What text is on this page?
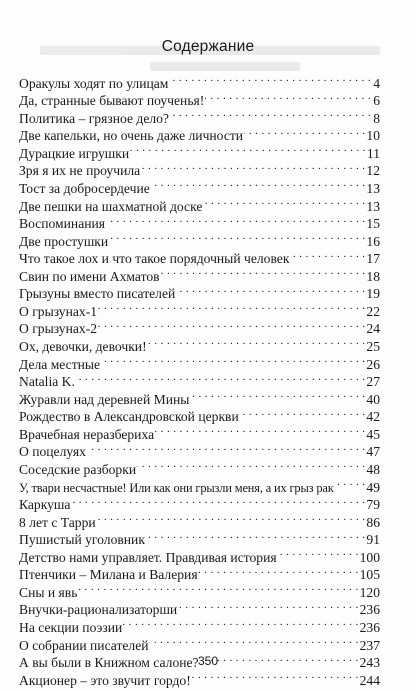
Содержание
Оракулы ходят по улицам . . .	4
Да, странные бывают поученья! . . .	6
Политика – грязное дело? . . .	8
Две капельки, но очень даже личности . . .	10
Дурацкие игрушки . . .	11
Зря я их не проучила . . .	12
Тост за добросердечие . . .	13
Две пешки на шахматной доске . . .	13
Воспоминания . . .	15
Две простушки . . .	16
Что такое лох и что такое порядочный человек . . .	17
Свин по имени Ахматов . . .	18
Грызуны вместо писателей . . .	19
О грызунах-1 . . .	22
О грызунах-2 . . .	24
Ох, девочки, девочки! . . .	25
Дела местные . . .	26
Natalia K. . . .	27
Журавли над деревней Мины . . .	40
Рождество в Александровской церкви . . .	42
Врачебная неразбериха . . .	45
О поцелуях . . .	47
Соседские разборки . . .	48
У, твари несчастные! Или как они грызли меня, а их грыз рак . . . 49
Каркуша . . .	79
8 лет с Тарри . . .	86
Пушистый уголовник . . .	91
Детство нами управляет. Правдивая история . . .	100
Птенчики – Милана и Валерия . . .	105
Сны и явь . . .	120
Внучки-рационализаторши . . .	236
На секции поэзии . . .	236
О собрании писателей . . .	237
А вы были в Книжном салоне? . . .	243
Акционер – это звучит гордо! . . .	244
350
